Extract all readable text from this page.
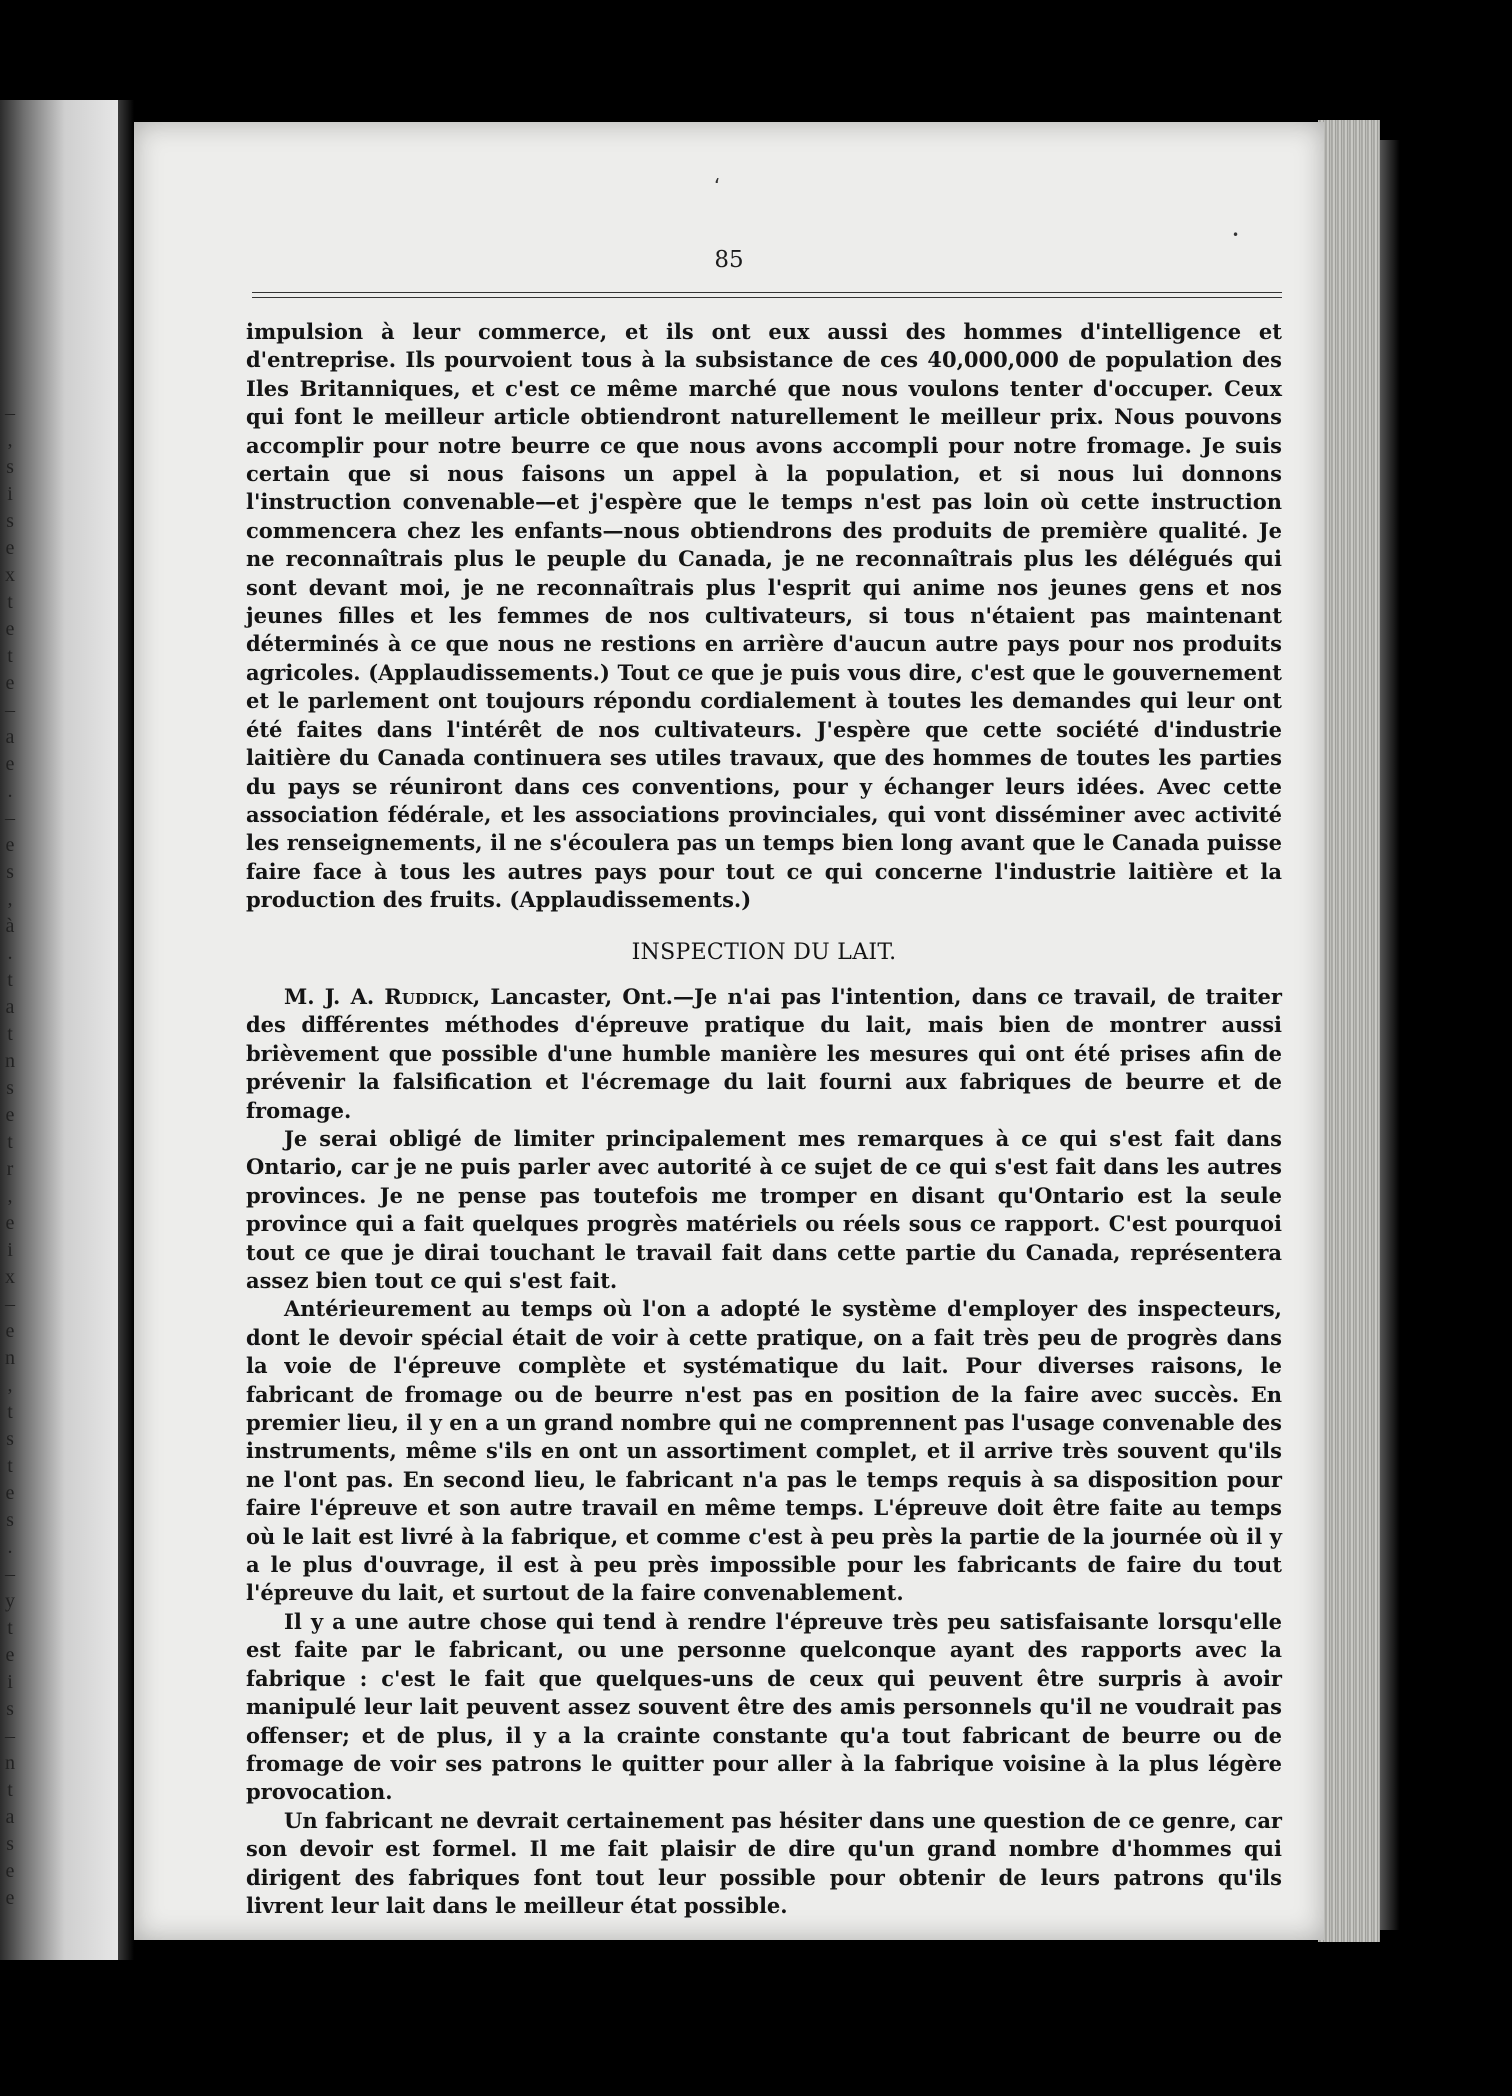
–
,
s
i
s
e
x
t
e
t
e
–
a
e
.
–
e
s
,
à
.
t
a
t
n
s
e
t
r
,
e
i
x
–
e
n
,
t
s
t
e
s
.
–
y
t
e
i
s
–
n
t
a
s
e
e
‘
•
85

impulsion à leur commerce, et ils ont eux aussi des hommes d'intelligence et d'entreprise. Ils pourvoient tous à la subsistance de ces 40,000,000 de population des Iles Britanniques, et c'est ce même marché que nous voulons tenter d'occuper. Ceux qui font le meilleur article obtiendront naturellement le meilleur prix. Nous pouvons accomplir pour notre beurre ce que nous avons accompli pour notre fromage. Je suis certain que si nous faisons un appel à la population, et si nous lui donnons l'instruction convenable—et j'espère que le temps n'est pas loin où cette instruction commencera chez les enfants—nous obtiendrons des produits de première qualité. Je ne reconnaîtrais plus le peuple du Canada, je ne reconnaîtrais plus les délégués qui sont devant moi, je ne reconnaîtrais plus l'esprit qui anime nos jeunes gens et nos jeunes filles et les femmes de nos cultivateurs, si tous n'étaient pas maintenant déterminés à ce que nous ne restions en arrière d'aucun autre pays pour nos produits agricoles. (Applaudissements.) Tout ce que je puis vous dire, c'est que le gouvernement et le parlement ont toujours répondu cordialement à toutes les demandes qui leur ont été faites dans l'intérêt de nos cultivateurs. J'espère que cette société d'industrie laitière du Canada continuera ses utiles travaux, que des hommes de toutes les parties du pays se réuniront dans ces conventions, pour y échanger leurs idées. Avec cette association fédérale, et les associations provinciales, qui vont disséminer avec activité les renseignements, il ne s'écoulera pas un temps bien long avant que le Canada puisse faire face à tous les autres pays pour tout ce qui concerne l'industrie laitière et la production des fruits. (Applaudissements.)

INSPECTION DU LAIT.

M. J. A. Ruddick, Lancaster, Ont.—Je n'ai pas l'intention, dans ce travail, de traiter des différentes méthodes d'épreuve pratique du lait, mais bien de montrer aussi brièvement que possible d'une humble manière les mesures qui ont été prises afin de prévenir la falsification et l'écremage du lait fourni aux fabriques de beurre et de fromage.

Je serai obligé de limiter principalement mes remarques à ce qui s'est fait dans Ontario, car je ne puis parler avec autorité à ce sujet de ce qui s'est fait dans les autres provinces. Je ne pense pas toutefois me tromper en disant qu'Ontario est la seule province qui a fait quelques progrès matériels ou réels sous ce rapport. C'est pourquoi tout ce que je dirai touchant le travail fait dans cette partie du Canada, représentera assez bien tout ce qui s'est fait.

Antérieurement au temps où l'on a adopté le système d'employer des inspecteurs, dont le devoir spécial était de voir à cette pratique, on a fait très peu de progrès dans la voie de l'épreuve complète et systématique du lait. Pour diverses raisons, le fabricant de fromage ou de beurre n'est pas en position de la faire avec succès. En premier lieu, il y en a un grand nombre qui ne comprennent pas l'usage convenable des instruments, même s'ils en ont un assortiment complet, et il arrive très souvent qu'ils ne l'ont pas. En second lieu, le fabricant n'a pas le temps requis à sa disposition pour faire l'épreuve et son autre travail en même temps. L'épreuve doit être faite au temps où le lait est livré à la fabrique, et comme c'est à peu près la partie de la journée où il y a le plus d'ouvrage, il est à peu près impossible pour les fabricants de faire du tout l'épreuve du lait, et surtout de la faire convenablement.

Il y a une autre chose qui tend à rendre l'épreuve très peu satisfaisante lorsqu'elle est faite par le fabricant, ou une personne quelconque ayant des rapports avec la fabrique : c'est le fait que quelques-uns de ceux qui peuvent être surpris à avoir manipulé leur lait peuvent assez souvent être des amis personnels qu'il ne voudrait pas offenser; et de plus, il y a la crainte constante qu'a tout fabricant de beurre ou de fromage de voir ses patrons le quitter pour aller à la fabrique voisine à la plus légère provocation.

Un fabricant ne devrait certainement pas hésiter dans une question de ce genre, car son devoir est formel. Il me fait plaisir de dire qu'un grand nombre d'hommes qui dirigent des fabriques font tout leur possible pour obtenir de leurs patrons qu'ils livrent leur lait dans le meilleur état possible.
